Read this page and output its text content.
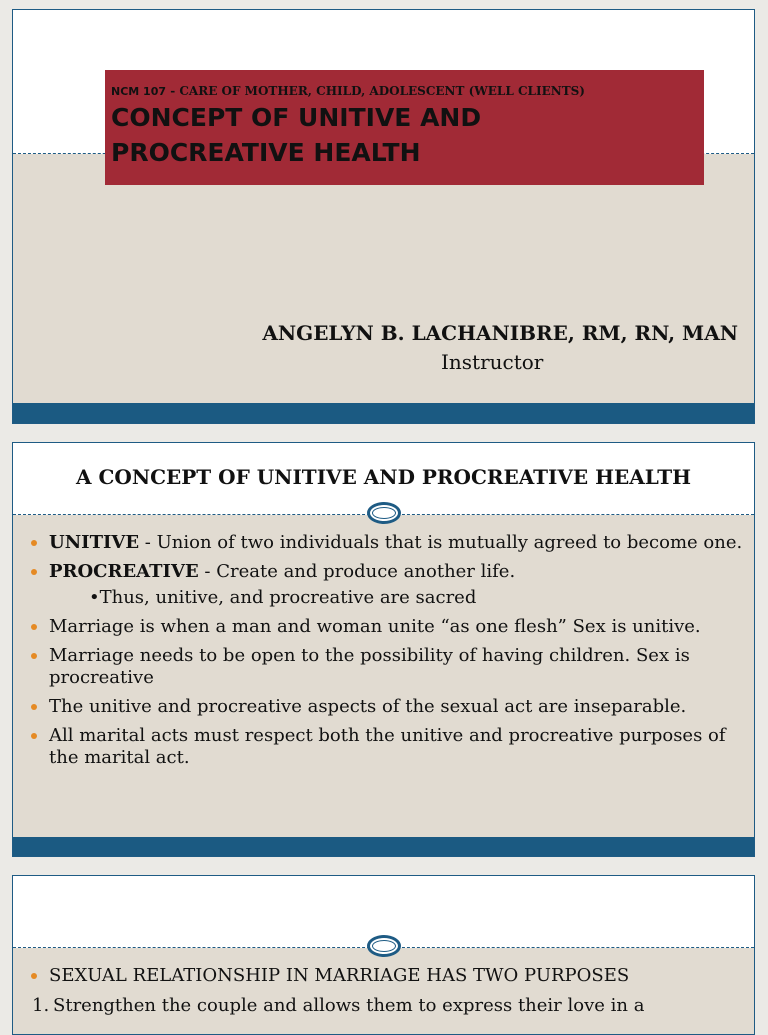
NCM 107 - CARE OF MOTHER, CHILD, ADOLESCENT (WELL CLIENTS)
CONCEPT OF UNITIVE AND
PROCREATIVE HEALTH
ANGELYN B. LACHANIBRE, RM, RN, MAN
Instructor
A CONCEPT OF UNITIVE AND PROCREATIVE HEALTH
UNITIVE - Union of two individuals that is mutually agreed to become one.
PROCREATIVE - Create and produce another life.
•Thus, unitive, and procreative are sacred
Marriage is when a man and woman unite “as one flesh” Sex is unitive.
Marriage needs to be open to the possibility of having children. Sex is procreative
The unitive and procreative aspects of the sexual act are inseparable.
All marital acts must respect both the unitive and procreative purposes of the marital act.
SEXUAL RELATIONSHIP IN MARRIAGE HAS TWO PURPOSES
1. Strengthen the couple and allows them to express their love in a
